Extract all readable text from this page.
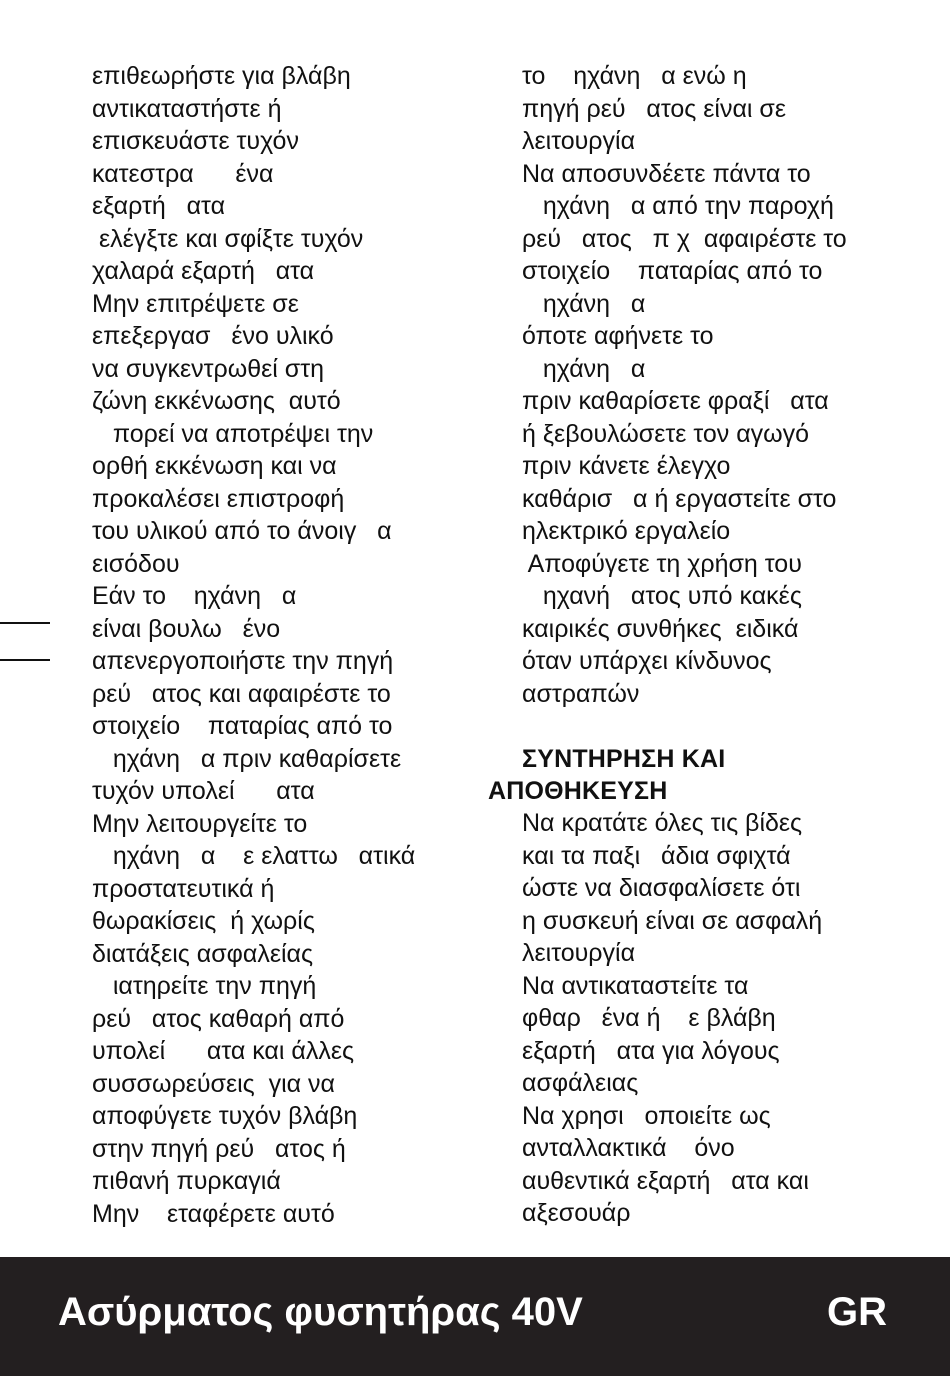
επιθεωρήστε για βλάβη
αντικαταστήστε ή
επισκευάστε τυχόν
κατεστρα      ένα
εξαρτή   ατα
ελέγξτε και σφίξτε τυχόν
χαλαρά εξαρτή   ατα
Μην επιτρέψετε σε
επεξεργασ   ένο υλικό
να συγκεντρωθεί στη
ζώνη εκκένωσης  αυτό
πορεί να αποτρέψει την
ορθή εκκένωση και να
προκαλέσει επιστροφή
του υλικού από το άνοιγ   α
εισόδου
Εάν το    ηχάνη   α
είναι βουλω   ένο
απενεργοποιήστε την πηγή
ρεύ   ατος και αφαιρέστε το
στοιχείο    παταρίας από το
ηχάνη   α πριν καθαρίσετε
τυχόν υπολεί      ατα
Μην λειτουργείτε το
ηχάνη   α    ε ελαττω   ατικά
προστατευτικά ή
θωρακίσεις  ή χωρίς
διατάξεις ασφαλείας
ιατηρείτε την πηγή
ρεύ   ατος καθαρή από
υπολεί      ατα και άλλες
συσσωρεύσεις  για να
αποφύγετε τυχόν βλάβη
στην πηγή ρεύ   ατος ή
πιθανή πυρκαγιά
Μην    εταφέρετε αυτό
το    ηχάνη   α ενώ η
πηγή ρεύ   ατος είναι σε
λειτουργία
Να αποσυνδέετε πάντα το
ηχάνη   α από την παροχή
ρεύ   ατος   π χ  αφαιρέστε το
στοιχείο    παταρίας από το
ηχάνη   α
όποτε αφήνετε το
ηχάνη   α
πριν καθαρίσετε φραξί   ατα
ή ξεβουλώσετε τον αγωγό
πριν κάνετε έλεγχο
καθάρισ   α ή εργαστείτε στο
ηλεκτρικό εργαλείο
Αποφύγετε τη χρήση του
ηχανή   ατος υπό κακές
καιρικές συνθήκες  ειδικά
όταν υπάρχει κίνδυνος
αστραπών
ΣΥΝΤΗΡΗΣΗ ΚΑΙ
ΑΠΟΘΗΚΕΥΣΗ
Να κρατάτε όλες τις βίδες
και τα παξι   άδια σφιχτά
ώστε να διασφαλίσετε ότι
η συσκευή είναι σε ασφαλή
λειτουργία
Να αντικαταστείτε τα
φθαρ   ένα ή    ε βλάβη
εξαρτή   ατα για λόγους
ασφάλειας
Να χρησι   οποιείτε ως
ανταλλακτικά    όνο
αυθεντικά εξαρτή   ατα και
αξεσουάρ
Ασύρματος φυσητήρας 40V	GR
